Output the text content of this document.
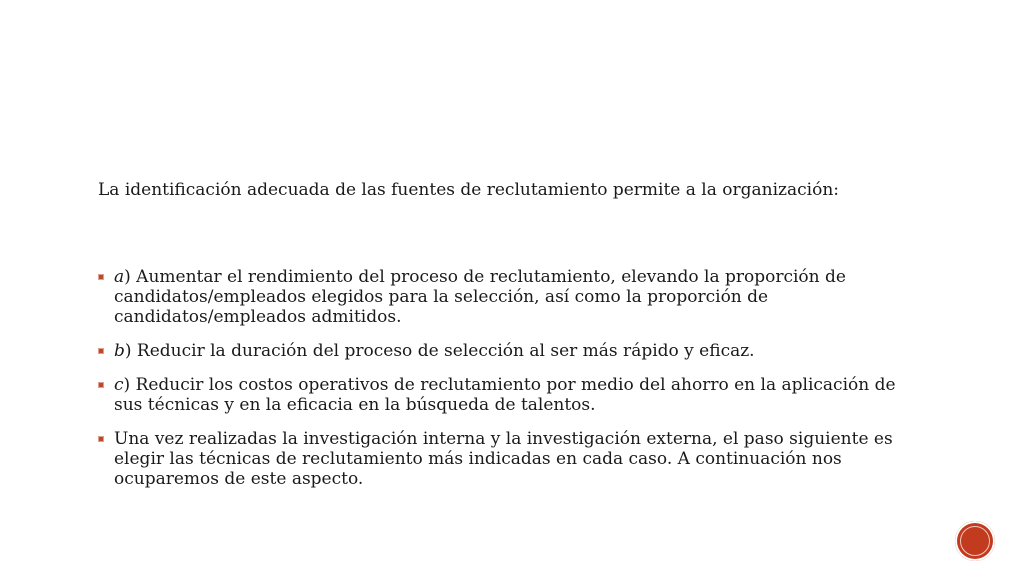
La identificación adecuada de las fuentes de reclutamiento permite a la organización:

a) Aumentar el rendimiento del proceso de reclutamiento, elevando la proporción de candidatos/empleados elegidos para la selección, así como la proporción de candidatos/empleados admitidos.
b) Reducir la duración del proceso de selección al ser más rápido y eficaz.
c) Reducir los costos operativos de reclutamiento por medio del ahorro en la aplicación de sus técnicas y en la eficacia en la búsqueda de talentos.
Una vez realizadas la investigación interna y la investigación externa, el paso siguiente es elegir las técnicas de reclutamiento más indicadas en cada caso. A continuación nos ocuparemos de este aspecto.
